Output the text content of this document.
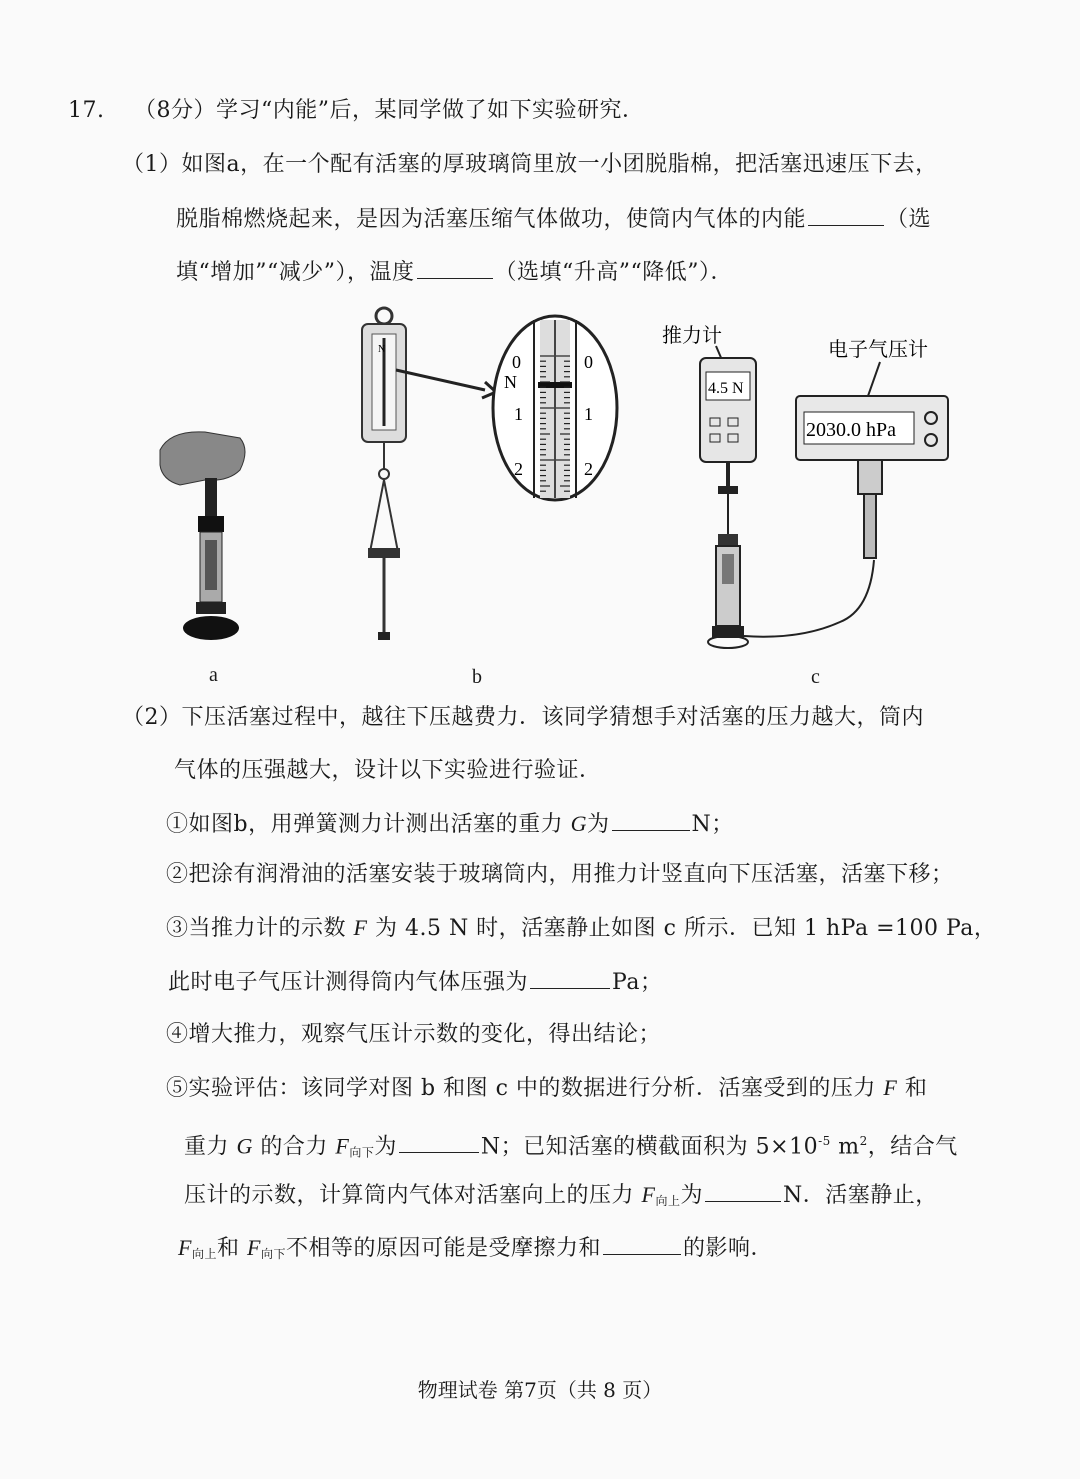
17. （8分）学习“内能”后，某同学做了如下实验研究．
（1）如图a，在一个配有活塞的厚玻璃筒里放一小团脱脂棉，把活塞迅速压下去，
脱脂棉燃烧起来，是因为活塞压缩气体做功，使筒内气体的内能	（选
填“增加”“减少”），温度	（选填“升高”“降低”）．
N
0	0
N
1	1
2	2
推力计
4.5 N
电子气压计
2030.0 hPa
a	b	c
（2）下压活塞过程中，越往下压越费力．该同学猜想手对活塞的压力越大，筒内
气体的压强越大，设计以下实验进行验证．
①如图b，用弹簧测力计测出活塞的重力 G为	N；
②把涂有润滑油的活塞安装于玻璃筒内，用推力计竖直向下压活塞，活塞下移；
③当推力计的示数 F 为 4.5 N 时，活塞静止如图 c 所示．已知 1 hPa =100 Pa，
此时电子气压计测得筒内气体压强为	Pa；
④增大推力，观察气压计示数的变化，得出结论；
⑤实验评估：该同学对图 b 和图 c 中的数据进行分析．活塞受到的压力 F 和
重力 G 的合力 $F_{向下}$为	N；已知活塞的横截面积为 $5\times 10^{-5}$ $m^2$，结合气
压计的示数，计算筒内气体对活塞向上的压力 $F_{向上}$为	N．活塞静止，
$F_{向上}$和 $F_{向下}$不相等的原因可能是受摩擦力和	的影响．
物理试卷 第7页（共 8 页）
